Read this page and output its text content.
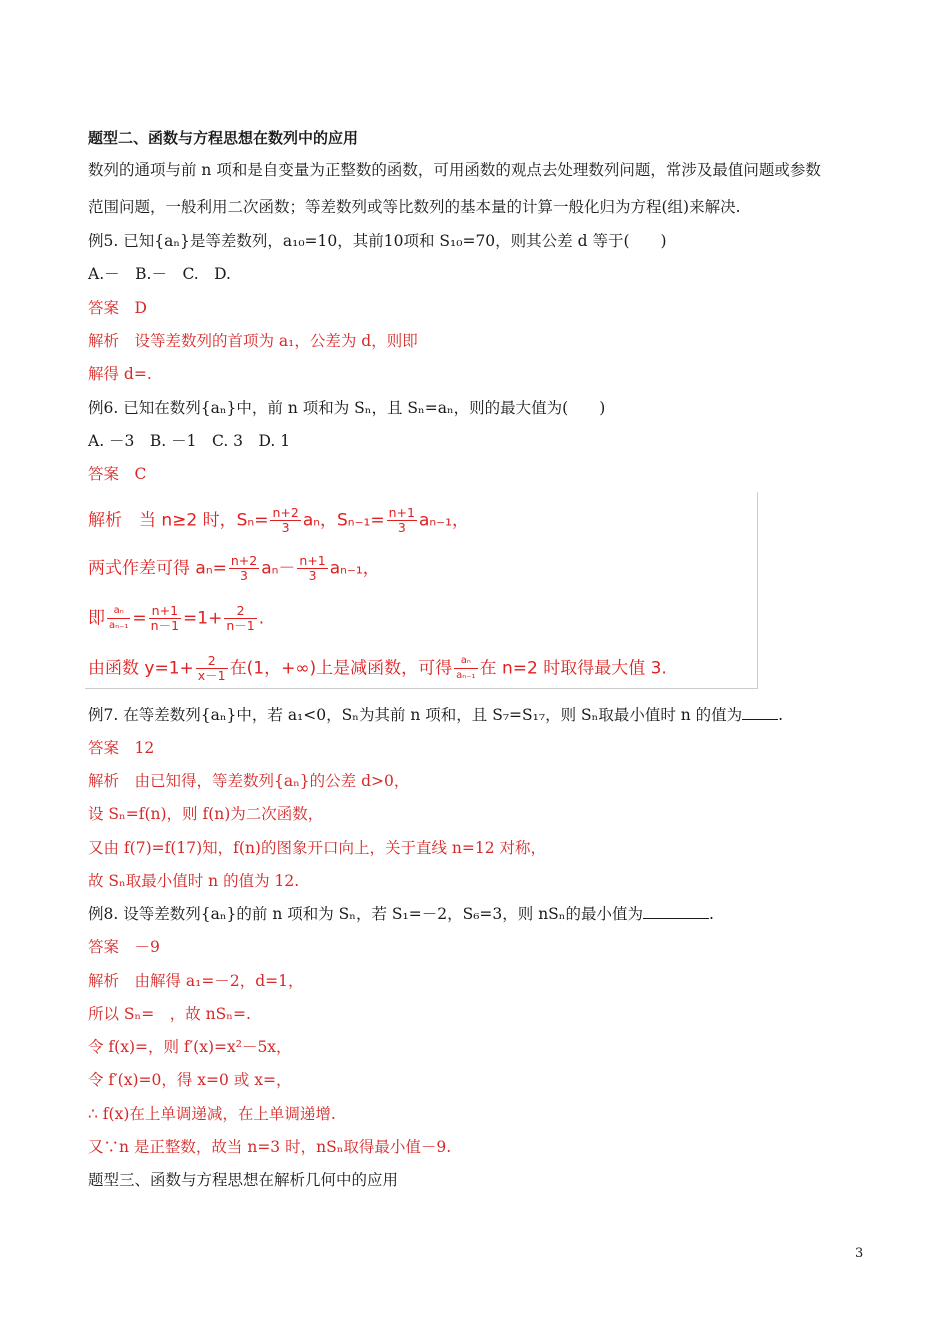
题型二、函数与方程思想在数列中的应用
数列的通项与前 n 项和是自变量为正整数的函数，可用函数的观点去处理数列问题，常涉及最值问题或参数
范围问题，一般利用二次函数；等差数列或等比数列的基本量的计算一般化归为方程(组)来解决.
例5. 已知{aₙ}是等差数列，a₁₀=10，其前10项和 S₁₀=70，则其公差 d 等于(　　)
A.－　B.－　C.　D.
答案　D
解析　设等差数列的首项为 a₁，公差为 d，则即
解得 d=.
例6. 已知在数列{aₙ}中，前 n 项和为 Sₙ，且 Sₙ=aₙ，则的最大值为(　　)
A. －3　B. －1　C. 3　D. 1
答案　C
解析　当 n≥2 时，$S_n= \frac{n+2}{3}$ aₙ，$S_{n-1}= \frac{n+1}{3} a_{n-1}$，
两式作差可得 $a_n= \frac{n+2}{3} a_n- \frac{n+1}{3} a_{n-1}$，
即 $\frac{\text{aₙ}}{\text{aₙ₋₁}} = \frac{n+1}{n-1} =1+ \frac{2}{n-1}$ .
由函数 $y=1+ \frac{2}{x-1}$ 在(1，+∞)上是减函数，可得 $\frac{\text{aₙ}}{\text{aₙ₋₁}}$ 在 n=2 时取得最大值 3.
例7. 在等差数列{aₙ}中，若 a₁<0，Sₙ为其前 n 项和，且 S₇=S₁₇，则 Sₙ取最小值时 n 的值为 .
答案　12
解析　由已知得，等差数列{aₙ}的公差 d>0，
设 Sₙ=f(n)，则 f(n)为二次函数，
又由 f(7)=f(17)知，f(n)的图象开口向上，关于直线 n=12 对称，
故 Sₙ取最小值时 n 的值为 12.
例8. 设等差数列{aₙ}的前 n 项和为 Sₙ，若 S₁=－2，S₆=3，则 nSₙ的最小值为	.
答案　－9
解析　由解得 a₁=－2，d=1，
所以 Sₙ=　，故 nSₙ=.
令 f(x)=，则 f′(x)=x²－5x，
令 f′(x)=0，得 x=0 或 x=，
∴ f(x)在上单调递减，在上单调递增.
又∵n 是正整数，故当 n=3 时，nSₙ取得最小值－9.
题型三、函数与方程思想在解析几何中的应用
3
